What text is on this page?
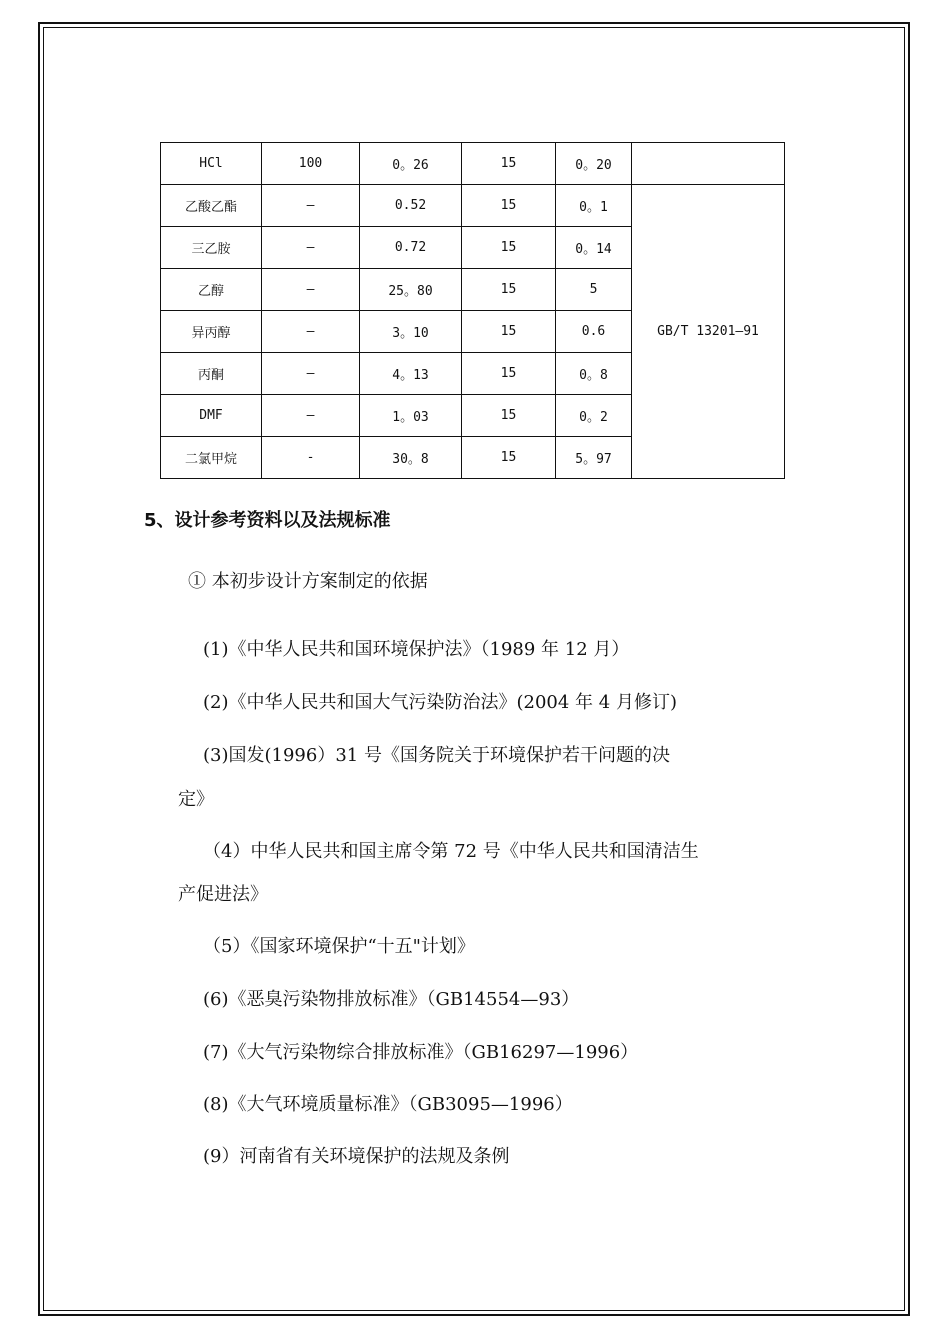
HCl	100	0。26	15	0。20	
乙酸乙酯	—	0.52	15	0。1	GB/T 13201—91
三乙胺	—	0.72	15	0。14	
乙醇	—	25。80	15	5	
异丙醇	—	3。10	15	0.6	
丙酮	—	4。13	15	0。8	
DMF	—	1。03	15	0。2	
二氯甲烷	-	30。8	15	5。97	
5、设计参考资料以及法规标准
① 本初步设计方案制定的依据
(1)《中华人民共和国环境保护法》（1989 年 12 月）
(2)《中华人民共和国大气污染防治法》(2004 年 4 月修订)
(3)国发(1996）31 号《国务院关于环境保护若干问题的决
定》
（4）中华人民共和国主席令第 72 号《中华人民共和国清洁生
产促进法》
（5）《国家环境保护“十五"计划》
(6)《恶臭污染物排放标准》（GB14554—93）
(7)《大气污染物综合排放标准》（GB16297—1996）
(8)《大气环境质量标准》（GB3095—1996）
(9）河南省有关环境保护的法规及条例
